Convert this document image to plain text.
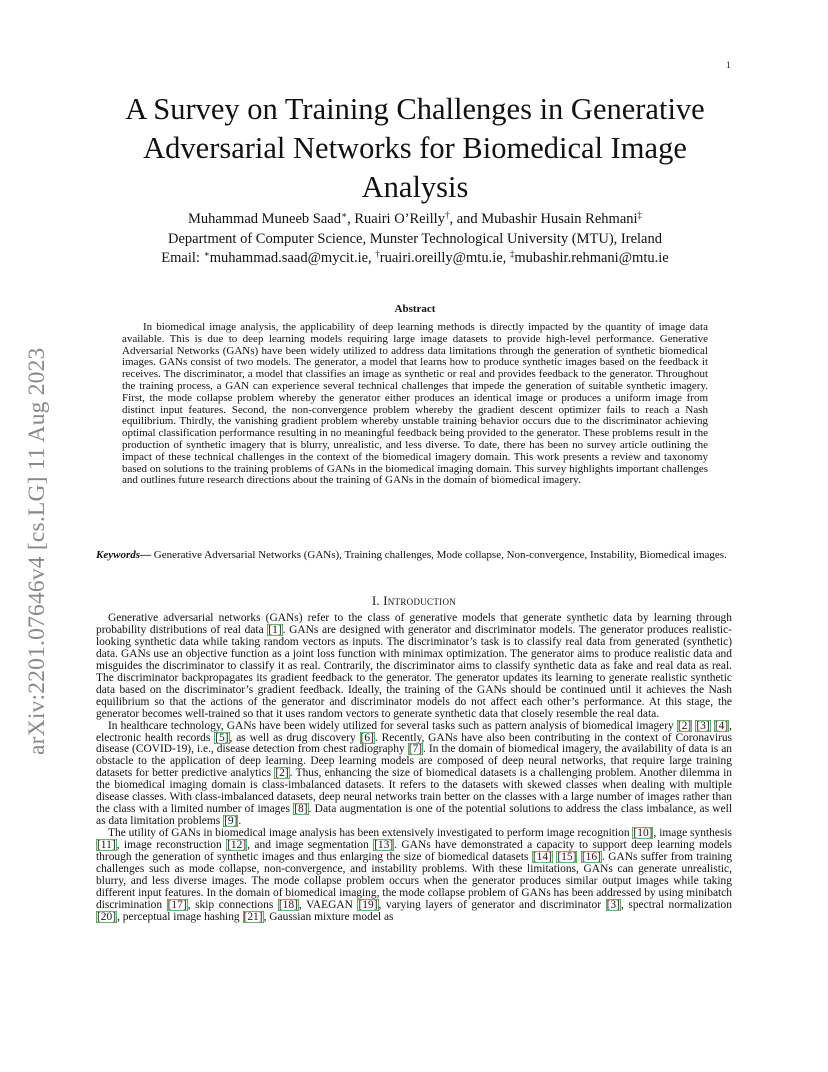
1
arXiv:2201.07646v4 [cs.LG] 11 Aug 2023
A Survey on Training Challenges in Generative Adversarial Networks for Biomedical Image Analysis
Muhammad Muneeb Saad∗, Ruairi O’Reilly†, and Mubashir Husain Rehmani‡
Department of Computer Science, Munster Technological University (MTU), Ireland
Email: ∗muhammad.saad@mycit.ie, †ruairi.oreilly@mtu.ie, ‡mubashir.rehmani@mtu.ie
Abstract
In biomedical image analysis, the applicability of deep learning methods is directly impacted by the quantity of image data available. This is due to deep learning models requiring large image datasets to provide high-level performance. Generative Adversarial Networks (GANs) have been widely utilized to address data limitations through the generation of synthetic biomedical images. GANs consist of two models. The generator, a model that learns how to produce synthetic images based on the feedback it receives. The discriminator, a model that classifies an image as synthetic or real and provides feedback to the generator. Throughout the training process, a GAN can experience several technical challenges that impede the generation of suitable synthetic imagery. First, the mode collapse problem whereby the generator either produces an identical image or produces a uniform image from distinct input features. Second, the non-convergence problem whereby the gradient descent optimizer fails to reach a Nash equilibrium. Thirdly, the vanishing gradient problem whereby unstable training behavior occurs due to the discriminator achieving optimal classification performance resulting in no meaningful feedback being provided to the generator. These problems result in the production of synthetic imagery that is blurry, unrealistic, and less diverse. To date, there has been no survey article outlining the impact of these technical challenges in the context of the biomedical imagery domain. This work presents a review and taxonomy based on solutions to the training problems of GANs in the biomedical imaging domain. This survey highlights important challenges and outlines future research directions about the training of GANs in the domain of biomedical imagery.
Keywords— Generative Adversarial Networks (GANs), Training challenges, Mode collapse, Non-convergence, Instability, Biomedical images.
I. Introduction

Generative adversarial networks (GANs) refer to the class of generative models that generate synthetic data by learning through probability distributions of real data [1]. GANs are designed with generator and discriminator models. The generator produces realistic-looking synthetic data while taking random vectors as inputs. The discriminator’s task is to classify real data from generated (synthetic) data. GANs use an objective function as a joint loss function with minimax optimization. The generator aims to produce realistic data and misguides the discriminator to classify it as real. Contrarily, the discriminator aims to classify synthetic data as fake and real data as real. The discriminator backpropagates its gradient feedback to the generator. The generator updates its learning to generate realistic synthetic data based on the discriminator’s gradient feedback. Ideally, the training of the GANs should be continued until it achieves the Nash equilibrium so that the actions of the generator and discriminator models do not affect each other’s performance. At this stage, the generator becomes well-trained so that it uses random vectors to generate synthetic data that closely resemble the real data.

In healthcare technology, GANs have been widely utilized for several tasks such as pattern analysis of biomedical imagery [2] [3] [4], electronic health records [5], as well as drug discovery [6]. Recently, GANs have also been contributing in the context of Coronavirus disease (COVID-19), i.e., disease detection from chest radiography [7]. In the domain of biomedical imagery, the availability of data is an obstacle to the application of deep learning. Deep learning models are composed of deep neural networks, that require large training datasets for better predictive analytics [2]. Thus, enhancing the size of biomedical datasets is a challenging problem. Another dilemma in the biomedical imaging domain is class-imbalanced datasets. It refers to the datasets with skewed classes when dealing with multiple disease classes. With class-imbalanced datasets, deep neural networks train better on the classes with a large number of images rather than the class with a limited number of images [8]. Data augmentation is one of the potential solutions to address the class imbalance, as well as data limitation problems [9].

The utility of GANs in biomedical image analysis has been extensively investigated to perform image recognition [10], image synthesis [11], image reconstruction [12], and image segmentation [13]. GANs have demonstrated a capacity to support deep learning models through the generation of synthetic images and thus enlarging the size of biomedical datasets [14] [15] [16]. GANs suffer from training challenges such as mode collapse, non-convergence, and instability problems. With these limitations, GANs can generate unrealistic, blurry, and less diverse images. The mode collapse problem occurs when the generator produces similar output images while taking different input features. In the domain of biomedical imaging, the mode collapse problem of GANs has been addressed by using minibatch discrimination [17], skip connections [18], VAEGAN [19], varying layers of generator and discriminator [3], spectral normalization [20], perceptual image hashing [21], Gaussian mixture model as
